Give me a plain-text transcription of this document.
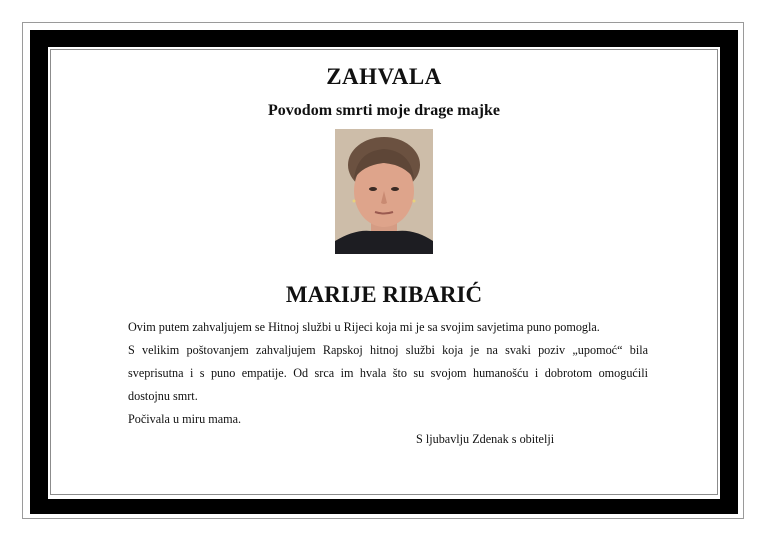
ZAHVALA
Povodom smrti moje drage majke
MARIJE RIBARIĆ
Ovim putem zahvaljujem se Hitnoj službi u Rijeci koja mi je sa svojim savjetima puno pomogla.
S velikim poštovanjem zahvaljujem Rapskoj hitnoj službi koja je na svaki poziv „upomoć“ bila
sveprisutna i s puno empatije. Od srca im hvala što su svojom humanošću i dobrotom omogućili
dostojnu smrt.
Počivala u miru mama.
S ljubavlju Zdenak s obitelji
